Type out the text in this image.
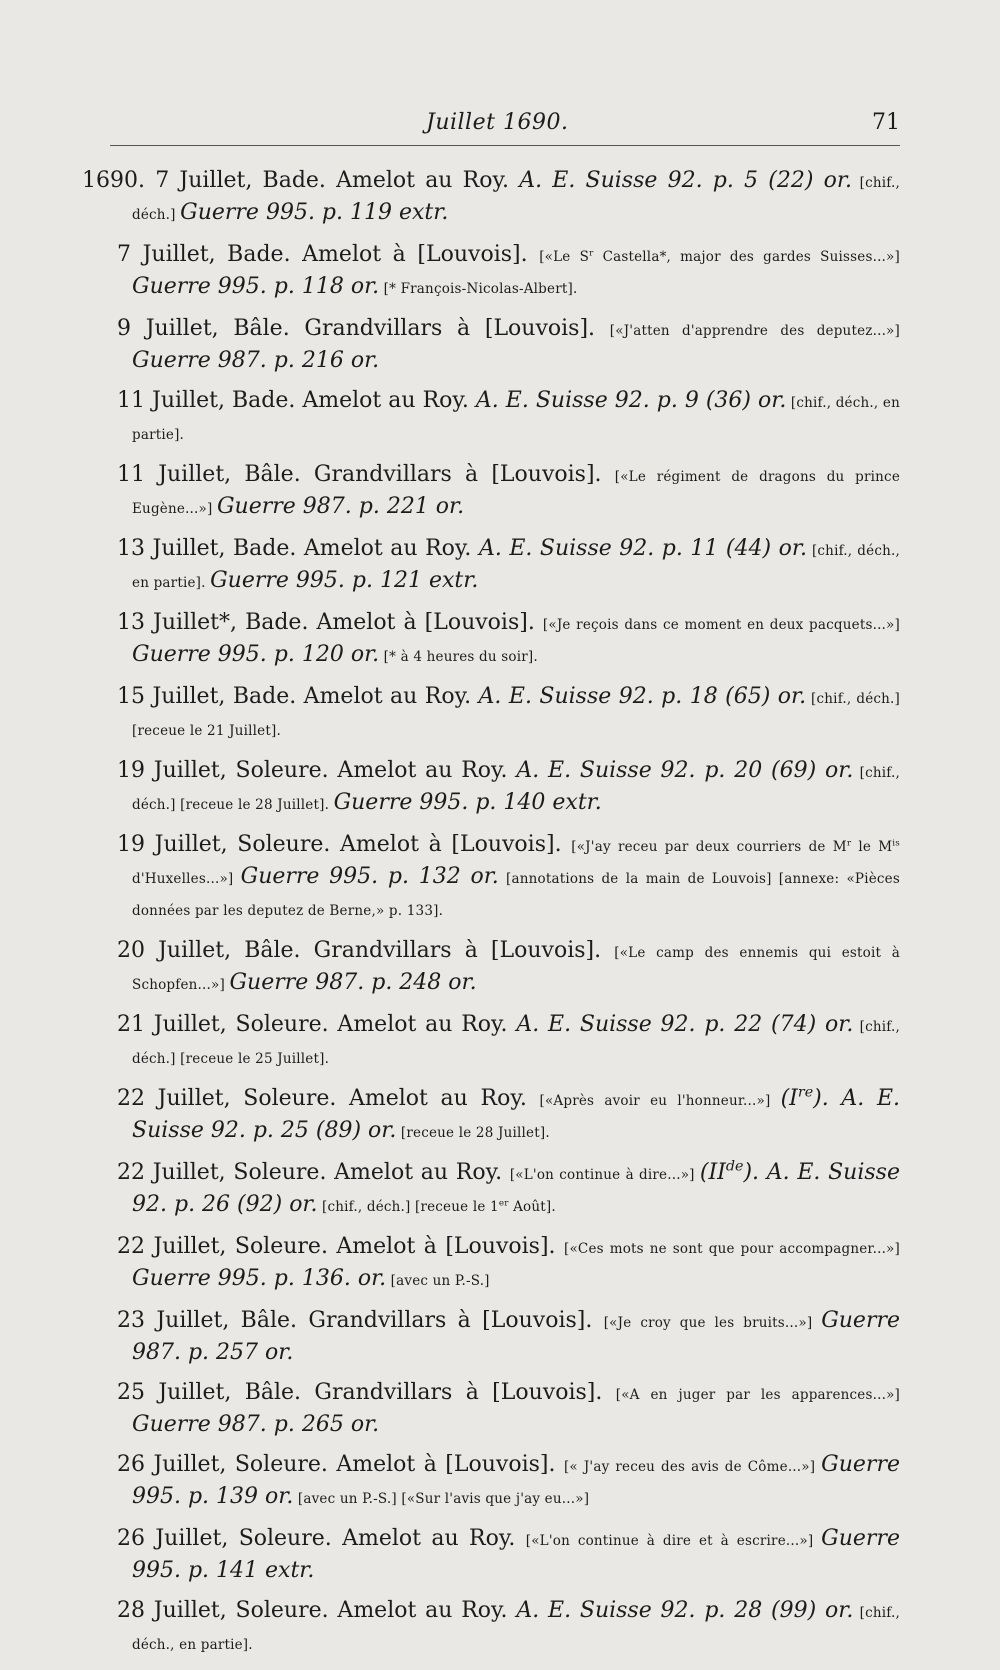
Juillet 1690.	71

1690. 7 Juillet, Bade. Amelot au Roy. A. E. Suisse 92. p. 5 (22) or. [chif., déch.] Guerre 995. p. 119 extr.

7 Juillet, Bade. Amelot à [Louvois]. [«Le $S^r$ Castella*, major des gardes Suisses...»] Guerre 995. p. 118 or. [* François-Nicolas-Albert].

9 Juillet, Bâle. Grandvillars à [Louvois]. [«J'atten d'apprendre des deputez...»] Guerre 987. p. 216 or.

11 Juillet, Bade. Amelot au Roy. A. E. Suisse 92. p. 9 (36) or. [chif., déch., en partie].

11 Juillet, Bâle. Grandvillars à [Louvois]. [«Le régiment de dragons du prince Eugène...»] Guerre 987. p. 221 or.

13 Juillet, Bade. Amelot au Roy. A. E. Suisse 92. p. 11 (44) or. [chif., déch., en partie]. Guerre 995. p. 121 extr.

13 Juillet*, Bade. Amelot à [Louvois]. [«Je reçois dans ce moment en deux pacquets...»] Guerre 995. p. 120 or. [* à 4 heures du soir].

15 Juillet, Bade. Amelot au Roy. A. E. Suisse 92. p. 18 (65) or. [chif., déch.] [receue le 21 Juillet].

19 Juillet, Soleure. Amelot au Roy. A. E. Suisse 92. p. 20 (69) or. [chif., déch.] [receue le 28 Juillet]. Guerre 995. p. 140 extr.

19 Juillet, Soleure. Amelot à [Louvois]. [«J'ay receu par deux courriers de $M^r$ le $M^{is}$ d'Huxelles...»] Guerre 995. p. 132 or. [annotations de la main de Louvois] [annexe: «Pièces données par les deputez de Berne,» p. 133].

20 Juillet, Bâle. Grandvillars à [Louvois]. [«Le camp des ennemis qui estoit à Schopfen...»] Guerre 987. p. 248 or.

21 Juillet, Soleure. Amelot au Roy. A. E. Suisse 92. p. 22 (74) or. [chif., déch.] [receue le 25 Juillet].

22 Juillet, Soleure. Amelot au Roy. [«Après avoir eu l'honneur...»] (Ire). A. E. Suisse 92. p. 25 (89) or. [receue le 28 Juillet].

22 Juillet, Soleure. Amelot au Roy. [«L'on continue à dire...»] (IIde). A. E. Suisse 92. p. 26 (92) or. [chif., déch.] [receue le 1er Août].

22 Juillet, Soleure. Amelot à [Louvois]. [«Ces mots ne sont que pour accompagner...»] Guerre 995. p. 136. or. [avec un P.-S.]

23 Juillet, Bâle. Grandvillars à [Louvois]. [«Je croy que les bruits...»] Guerre 987. p. 257 or.

25 Juillet, Bâle. Grandvillars à [Louvois]. [«A en juger par les apparences...»] Guerre 987. p. 265 or.

26 Juillet, Soleure. Amelot à [Louvois]. [« J'ay receu des avis de Côme...»] Guerre 995. p. 139 or. [avec un P.-S.] [«Sur l'avis que j'ay eu...»]

26 Juillet, Soleure. Amelot au Roy. [«L'on continue à dire et à escrire...»] Guerre 995. p. 141 extr.

28 Juillet, Soleure. Amelot au Roy. A. E. Suisse 92. p. 28 (99) or. [chif., déch., en partie].
